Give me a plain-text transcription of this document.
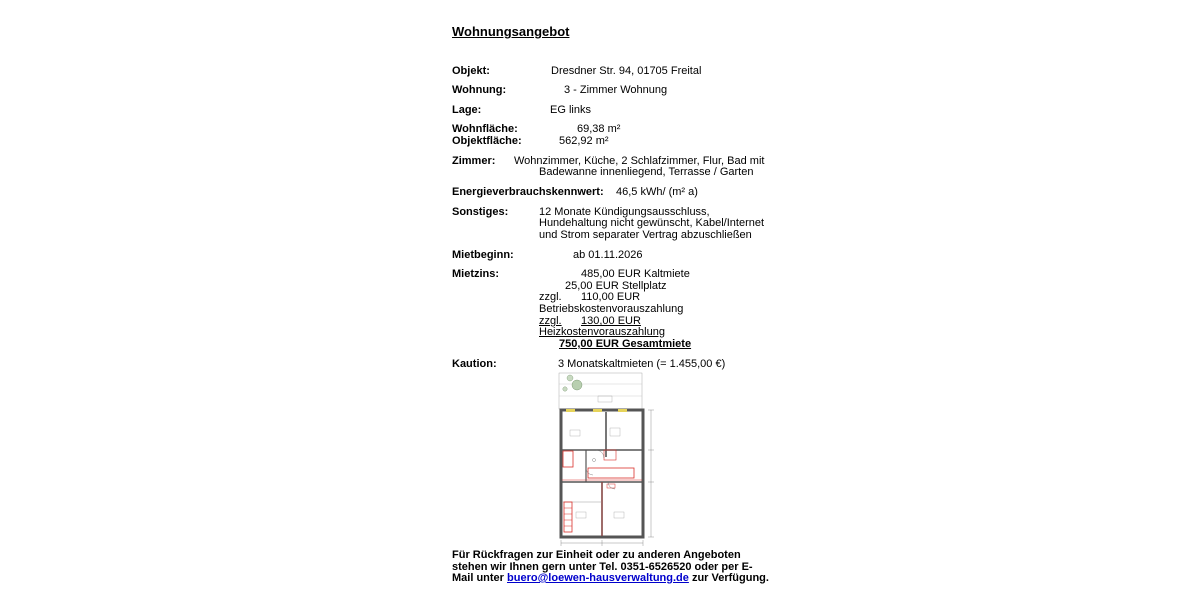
Wohnungsangebot
Objekt:	Dresdner Str. 94, 01705 Freital
Wohnung:	3 - Zimmer Wohnung
Lage:	EG links
Wohnfläche:	69,38 m²
Objektfläche:	562,92 m²
Zimmer: Wohnzimmer, Küche, 2 Schlafzimmer, Flur, Bad mit
Badewanne innenliegend, Terrasse / Garten
Energieverbrauchskennwert: 46,5 kWh/ (m² a)
Sonstiges:	12 Monate Kündigungsausschluss,
Hundehaltung nicht gewünscht, Kabel/Internet
und Strom separater Vertrag abzuschließen
Mietbeginn:	ab 01.11.2026
Mietzins:	485,00 EUR Kaltmiete
25,00 EUR Stellplatz
zzgl. 110,00 EUR
Betriebskostenvorauszahlung
zzgl. 130,00 EUR
Heizkostenvorauszahlung
750,00 EUR Gesamtmiete
Kaution:	3 Monatskaltmieten (= 1.455,00 €)
Für Rückfragen zur Einheit oder zu anderen Angeboten
stehen wir Ihnen gern unter Tel. 0351-6526520 oder per E-
Mail unter buero@loewen-hausverwaltung.de zur Verfügung.
